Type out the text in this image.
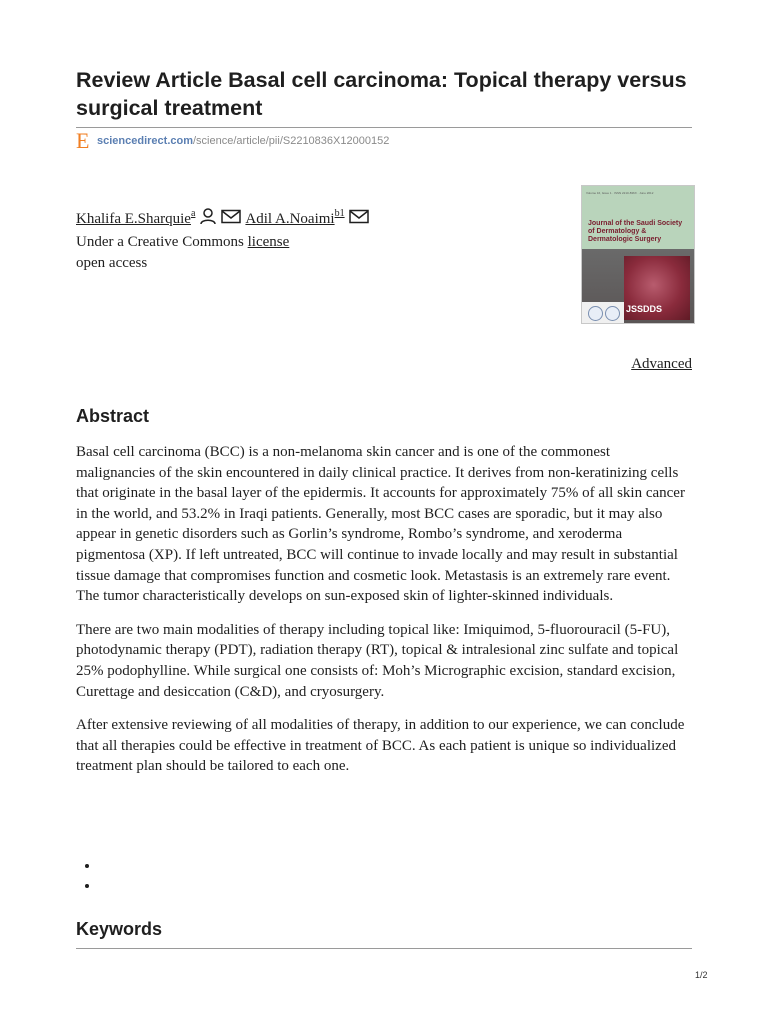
Review Article Basal cell carcinoma: Topical therapy versus surgical treatment
E sciencedirect.com /science/article/pii/S2210836X12000152
Khalifa E.Sharquie a	Adil A.Noaimi b1
Under a Creative Commons license
open access
Volume 16, Issue 1 · ISSN 2210-836X · June 2012
Journal of the Saudi Society of Dermatology & Dermatologic Surgery
JSSDDS
Advanced
Abstract

Basal cell carcinoma (BCC) is a non-melanoma skin cancer and is one of the commonest malignancies of the skin encountered in daily clinical practice. It derives from non-keratinizing cells that originate in the basal layer of the epidermis. It accounts for approximately 75% of all skin cancer in the world, and 53.2% in Iraqi patients. Generally, most BCC cases are sporadic, but it may also appear in genetic disorders such as Gorlin’s syndrome, Rombo’s syndrome, and xeroderma pigmentosa (XP). If left untreated, BCC will continue to invade locally and may result in substantial tissue damage that compromises function and cosmetic look. Metastasis is an extremely rare event. The tumor characteristically develops on sun-exposed skin of lighter-skinned individuals.

There are two main modalities of therapy including topical like: Imiquimod, 5-fluorouracil (5-FU), photodynamic therapy (PDT), radiation therapy (RT), topical & intralesional zinc sulfate and topical 25% podophylline. While surgical one consists of: Moh’s Micrographic excision, standard excision, Curettage and desiccation (C&D), and cryosurgery.

After extensive reviewing of all modalities of therapy, in addition to our experience, we can conclude that all therapies could be effective in treatment of BCC. As each patient is unique so individualized treatment plan should be tailored to each one.

•
•
Keywords
1/2
